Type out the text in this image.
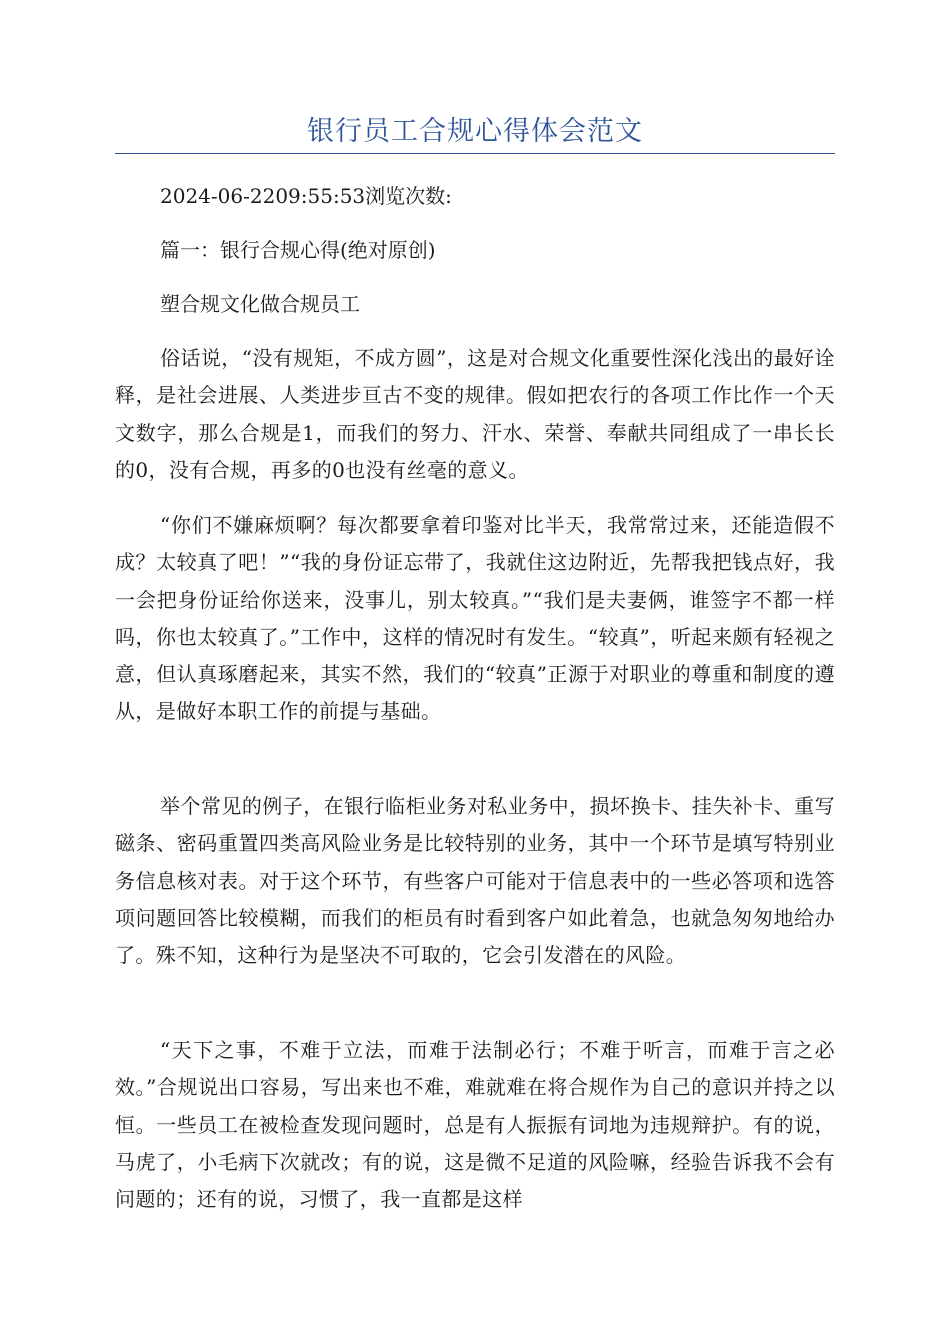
银行员工合规心得体会范文
2024-06-2209:55:53浏览次数:
篇一：银行合规心得(绝对原创)
塑合规文化做合规员工
俗话说，“没有规矩，不成方圆”，这是对合规文化重要性深化浅出的最好诠释，是社会进展、人类进步亘古不变的规律。假如把农行的各项工作比作一个天文数字，那么合规是1，而我们的努力、汗水、荣誉、奉献共同组成了一串长长的0，没有合规，再多的0也没有丝毫的意义。
“你们不嫌麻烦啊？每次都要拿着印鉴对比半天，我常常过来，还能造假不成？太较真了吧！”“我的身份证忘带了，我就住这边附近，先帮我把钱点好，我一会把身份证给你送来，没事儿，别太较真。”“我们是夫妻俩，谁签字不都一样吗，你也太较真了。”工作中，这样的情况时有发生。“较真”，听起来颇有轻视之意，但认真琢磨起来，其实不然，我们的“较真”正源于对职业的尊重和制度的遵从，是做好本职工作的前提与基础。
举个常见的例子，在银行临柜业务对私业务中，损坏换卡、挂失补卡、重写磁条、密码重置四类高风险业务是比较特别的业务，其中一个环节是填写特别业务信息核对表。对于这个环节，有些客户可能对于信息表中的一些必答项和选答项问题回答比较模糊，而我们的柜员有时看到客户如此着急，也就急匆匆地给办了。殊不知，这种行为是坚决不可取的，它会引发潜在的风险。
“天下之事，不难于立法，而难于法制必行；不难于听言，而难于言之必效。”合规说出口容易，写出来也不难，难就难在将合规作为自己的意识并持之以恒。一些员工在被检查发现问题时，总是有人振振有词地为违规辩护。有的说，马虎了，小毛病下次就改；有的说，这是微不足道的风险嘛，经验告诉我不会有问题的；还有的说，习惯了，我一直都是这样
